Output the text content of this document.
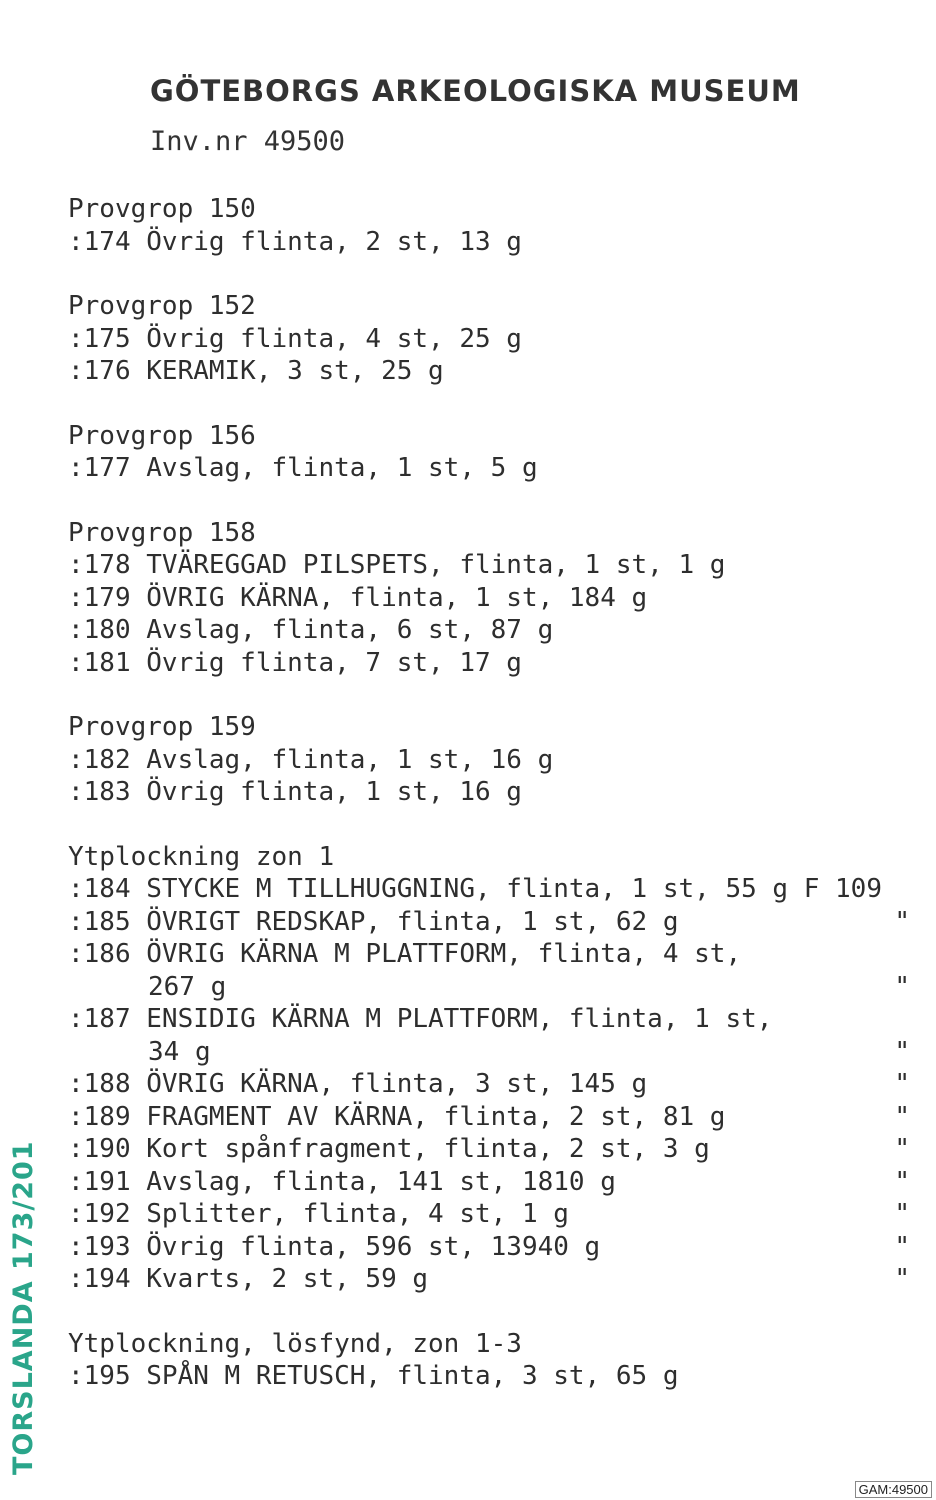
GÖTEBORGS ARKEOLOGISKA MUSEUM
Inv.nr 49500
Provgrop 150
:174 Övrig flinta, 2 st, 13 g
Provgrop 152
:175 Övrig flinta, 4 st, 25 g
:176 KERAMIK, 3 st, 25 g
Provgrop 156
:177 Avslag, flinta, 1 st, 5 g
Provgrop 158
:178 TVÄREGGAD PILSPETS, flinta, 1 st, 1 g
:179 ÖVRIG KÄRNA, flinta, 1 st, 184 g
:180 Avslag, flinta, 6 st, 87 g
:181 Övrig flinta, 7 st, 17 g
Provgrop 159
:182 Avslag, flinta, 1 st, 16 g
:183 Övrig flinta, 1 st, 16 g
Ytplockning zon 1
:184 STYCKE M TILLHUGGNING, flinta, 1 st, 55 g F 109
:185 ÖVRIGT REDSKAP, flinta, 1 st, 62 g	"
:186 ÖVRIG KÄRNA M PLATTFORM, flinta, 4 st,
267 g	"
:187 ENSIDIG KÄRNA M PLATTFORM, flinta, 1 st,
34 g	"
:188 ÖVRIG KÄRNA, flinta, 3 st, 145 g	"
:189 FRAGMENT AV KÄRNA, flinta, 2 st, 81 g	"
:190 Kort spånfragment, flinta, 2 st, 3 g	"
:191 Avslag, flinta, 141 st, 1810 g	"
:192 Splitter, flinta, 4 st, 1 g	"
:193 Övrig flinta, 596 st, 13940 g	"
:194 Kvarts, 2 st, 59 g	"
Ytplockning, lösfynd, zon 1-3
:195 SPÅN M RETUSCH, flinta, 3 st, 65 g
TORSLANDA 173/201
GAM:49500
